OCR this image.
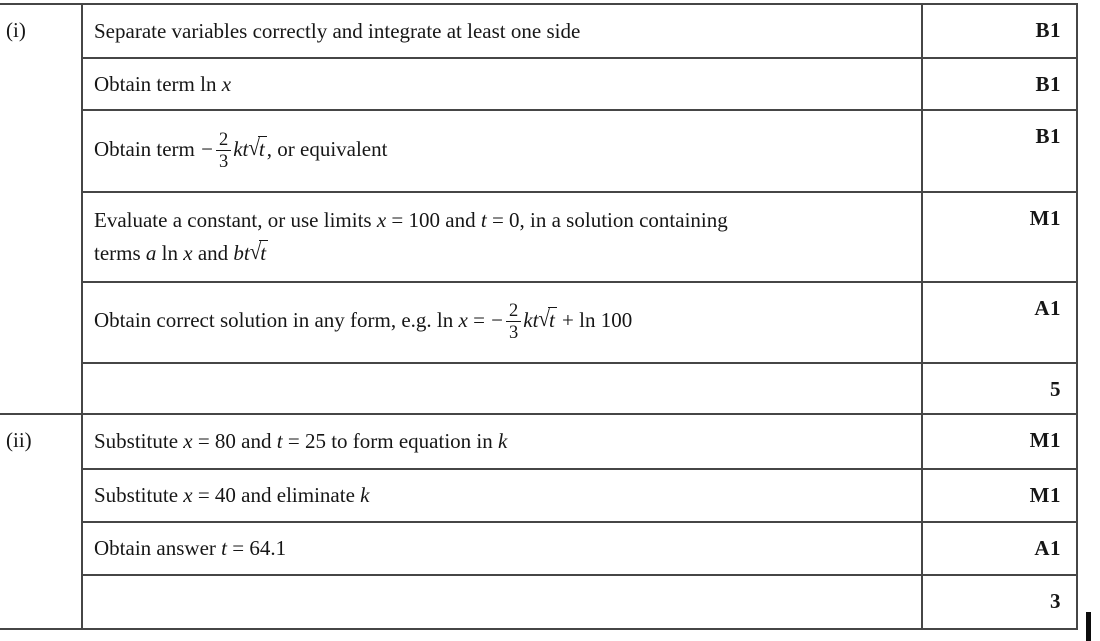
(i)	Separate variables correctly and integrate at least one side	B1
	Obtain term ln x	B1
	Obtain term − $\frac{2}{3} kt√t$, or equivalent	B1

	Evaluate a constant, or use limits x = 100 and t = 0, in a solution containing
terms a ln x and bt√t	M1
	Obtain correct solution in any form, e.g. ln x = − $\frac{2}{3} kt√t + \ln 100$	A1
		5
(ii)	Substitute x = 80 and t = 25 to form equation in k	M1
	Substitute x = 40 and eliminate k	M1
	Obtain answer t = 64.1	A1
		3
